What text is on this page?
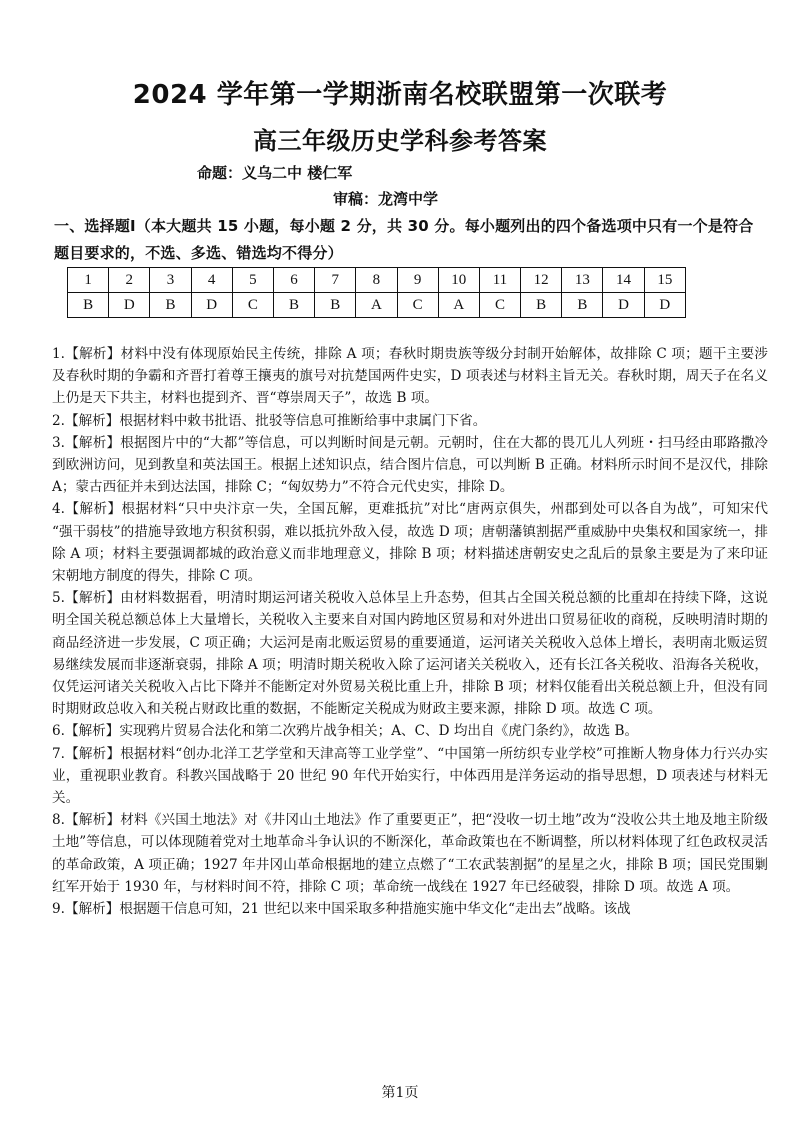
2024 学年第一学期浙南名校联盟第一次联考
高三年级历史学科参考答案
命题：义乌二中 楼仁军
审稿：龙湾中学
一、选择题Ⅰ（本大题共 15 小题，每小题 2 分，共 30 分。每小题列出的四个备选项中只有一个是符合题目要求的，不选、多选、错选均不得分）
1	2	3	4	5	6	7	8	9	10	11	12	13	14	15
B	D	B	D	C	B	B	A	C	A	C	B	B	D	D

1.【解析】材料中没有体现原始民主传统，排除 A 项；春秋时期贵族等级分封制开始解体，故排除 C 项；题干主要涉及春秋时期的争霸和齐晋打着尊王攘夷的旗号对抗楚国两件史实，D 项表述与材料主旨无关。春秋时期，周天子在名义上仍是天下共主，材料也提到齐、晋“尊崇周天子”，故选 B 项。

2.【解析】根据材料中敕书批语、批驳等信息可推断给事中隶属门下省。

3.【解析】根据图片中的“大都”等信息，可以判断时间是元朝。元朝时，住在大都的畏兀儿人列班・扫马经由耶路撒冷到欧洲访问，见到教皇和英法国王。根据上述知识点，结合图片信息，可以判断 B 正确。材料所示时间不是汉代，排除 A；蒙古西征并未到达法国，排除 C；“匈奴势力”不符合元代史实，排除 D。

4.【解析】根据材料“只中央汴京一失，全国瓦解，更难抵抗”对比“唐两京俱失，州郡到处可以各自为战”，可知宋代 “强干弱枝”的措施导致地方积贫积弱，难以抵抗外敌入侵，故选 D 项；唐朝藩镇割据严重威胁中央集权和国家统一，排除 A 项；材料主要强调都城的政治意义而非地理意义，排除 B 项；材料描述唐朝安史之乱后的景象主要是为了来印证宋朝地方制度的得失，排除 C 项。

5.【解析】由材料数据看，明清时期运河诸关税收入总体呈上升态势，但其占全国关税总额的比重却在持续下降，这说明全国关税总额总体上大量增长，关税收入主要来自对国内跨地区贸易和对外进出口贸易征收的商税，反映明清时期的商品经济进一步发展，C 项正确；大运河是南北贩运贸易的重要通道，运河诸关关税收入总体上增长，表明南北贩运贸易继续发展而非逐渐衰弱，排除 A 项；明清时期关税收入除了运河诸关关税收入，还有长江各关税收、沿海各关税收，仅凭运河诸关关税收入占比下降并不能断定对外贸易关税比重上升，排除 B 项；材料仅能看出关税总额上升，但没有同时期财政总收入和关税占财政比重的数据，不能断定关税成为财政主要来源，排除 D 项。故选 C 项。

6.【解析】实现鸦片贸易合法化和第二次鸦片战争相关；A、C、D 均出自《虎门条约》，故选 B。

7.【解析】根据材料“创办北洋工艺学堂和天津高等工业学堂”、“中国第一所纺织专业学校”可推断人物身体力行兴办实业，重视职业教育。科教兴国战略于 20 世纪 90 年代开始实行，中体西用是洋务运动的指导思想，D 项表述与材料无关。

8.【解析】材料《兴国土地法》对《井冈山土地法》作了重要更正”，把“没收一切土地”改为“没收公共土地及地主阶级土地”等信息，可以体现随着党对土地革命斗争认识的不断深化，革命政策也在不断调整，所以材料体现了红色政权灵活的革命政策，A 项正确；1927 年井冈山革命根据地的建立点燃了“工农武装割据”的星星之火，排除 B 项；国民党围剿红军开始于 1930 年，与材料时间不符，排除 C 项；革命统一战线在 1927 年已经破裂，排除 D 项。故选 A 项。

9.【解析】根据题干信息可知，21 世纪以来中国采取多种措施实施中华文化“走出去”战略。该战

第1页
